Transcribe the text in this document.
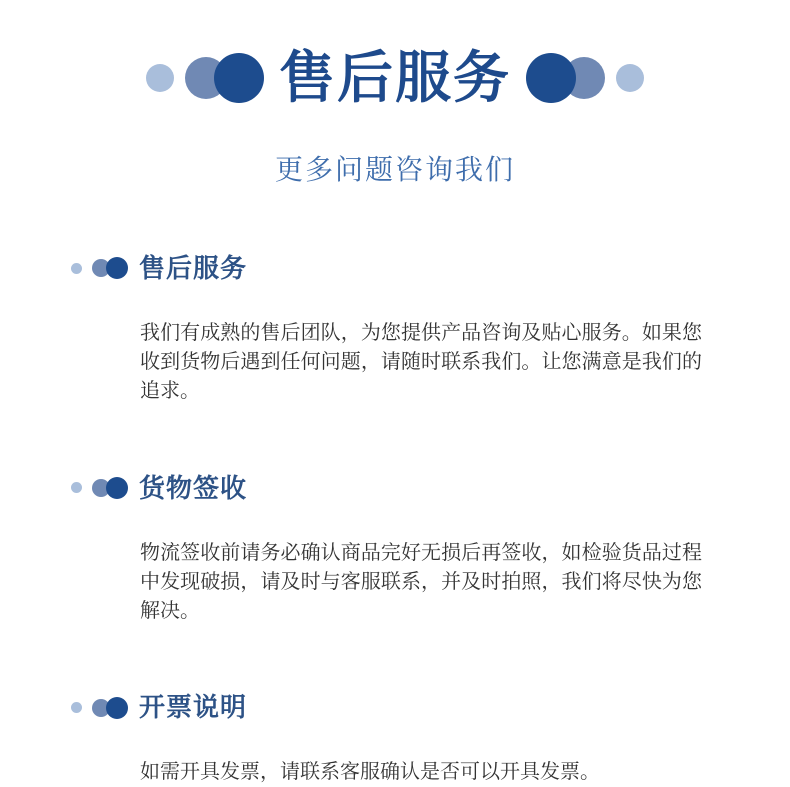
售后服务
更多问题咨询我们
售后服务

我们有成熟的售后团队，为您提供产品咨询及贴心服务。如果您收到货物后遇到任何问题，请随时联系我们。让您满意是我们的追求。

货物签收

物流签收前请务必确认商品完好无损后再签收，如检验货品过程中发现破损，请及时与客服联系，并及时拍照，我们将尽快为您解决。

开票说明

如需开具发票，请联系客服确认是否可以开具发票。
